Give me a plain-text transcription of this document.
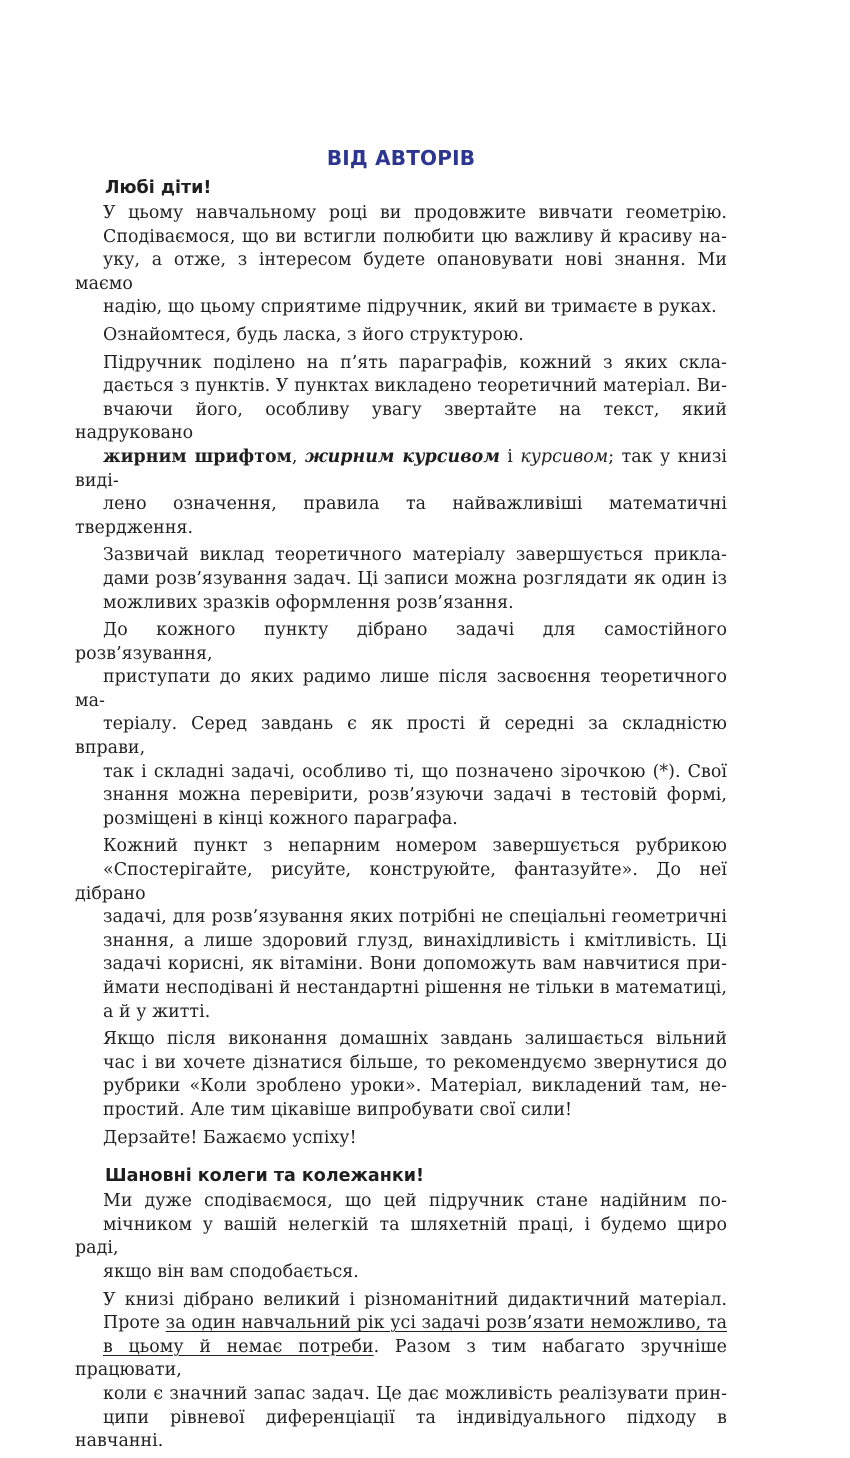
ВІД АВТОРІВ
Любі діти!
У цьому навчальному році ви продовжите вивчати геометрію.
Сподіваємося, що ви встигли полюбити цю важливу й красиву на-
уку, а отже, з інтересом будете опановувати нові знання. Ми маємо
надію, що цьому сприятиме підручник, який ви тримаєте в руках.
Ознайомтеся, будь ласка, з його структурою.
Підручник поділено на п’ять параграфів, кожний з яких скла-
дається з пунктів. У пунктах викладено теоретичний матеріал. Ви-
вчаючи його, особливу увагу звертайте на текст, який надруковано
жирним шрифтом, жирним курсивом і курсивом; так у книзі виді-
лено означення, правила та найважливіші математичні твердження.
Зазвичай виклад теоретичного матеріалу завершується прикла-
дами розв’язування задач. Ці записи можна розглядати як один із
можливих зразків оформлення розв’язання.
До кожного пункту дібрано задачі для самостійного розв’язування,
приступати до яких радимо лише після засвоєння теоретичного ма-
теріалу. Серед завдань є як прості й середні за складністю вправи,
так і складні задачі, особливо ті, що позначено зірочкою (*). Свої
знання можна перевірити, розв’язуючи задачі в тестовій формі,
розміщені в кінці кожного параграфа.
Кожний пункт з непарним номером завершується рубрикою
«Спостерігайте, рисуйте, конструюйте, фантазуйте». До неї дібрано
задачі, для розв’язування яких потрібні не спеціальні геометричні
знання, а лише здоровий глузд, винахідливість і кмітливість. Ці
задачі корисні, як вітаміни. Вони допоможуть вам навчитися при-
ймати несподівані й нестандартні рішення не тільки в математиці,
а й у житті.
Якщо після виконання домашніх завдань залишається вільний
час і ви хочете дізнатися більше, то рекомендуємо звернутися до
рубрики «Коли зроблено уроки». Матеріал, викладений там, не-
простий. Але тим цікавіше випробувати свої сили!
Дерзайте! Бажаємо успіху!
Шановні колеги та колежанки!
Ми дуже сподіваємося, що цей підручник стане надійним по-
мічником у вашій нелегкій та шляхетній праці, і будемо щиро раді,
якщо він вам сподобається.
У книзі дібрано великий і різноманітний дидактичний матеріал.
Проте за один навчальний рік усі задачі розв’язати неможливо, та
в цьому й немає потреби. Разом з тим набагато зручніше працювати,
коли є значний запас задач. Це дає можливість реалізувати прин-
ципи рівневої диференціації та індивідуального підходу в навчанні.
